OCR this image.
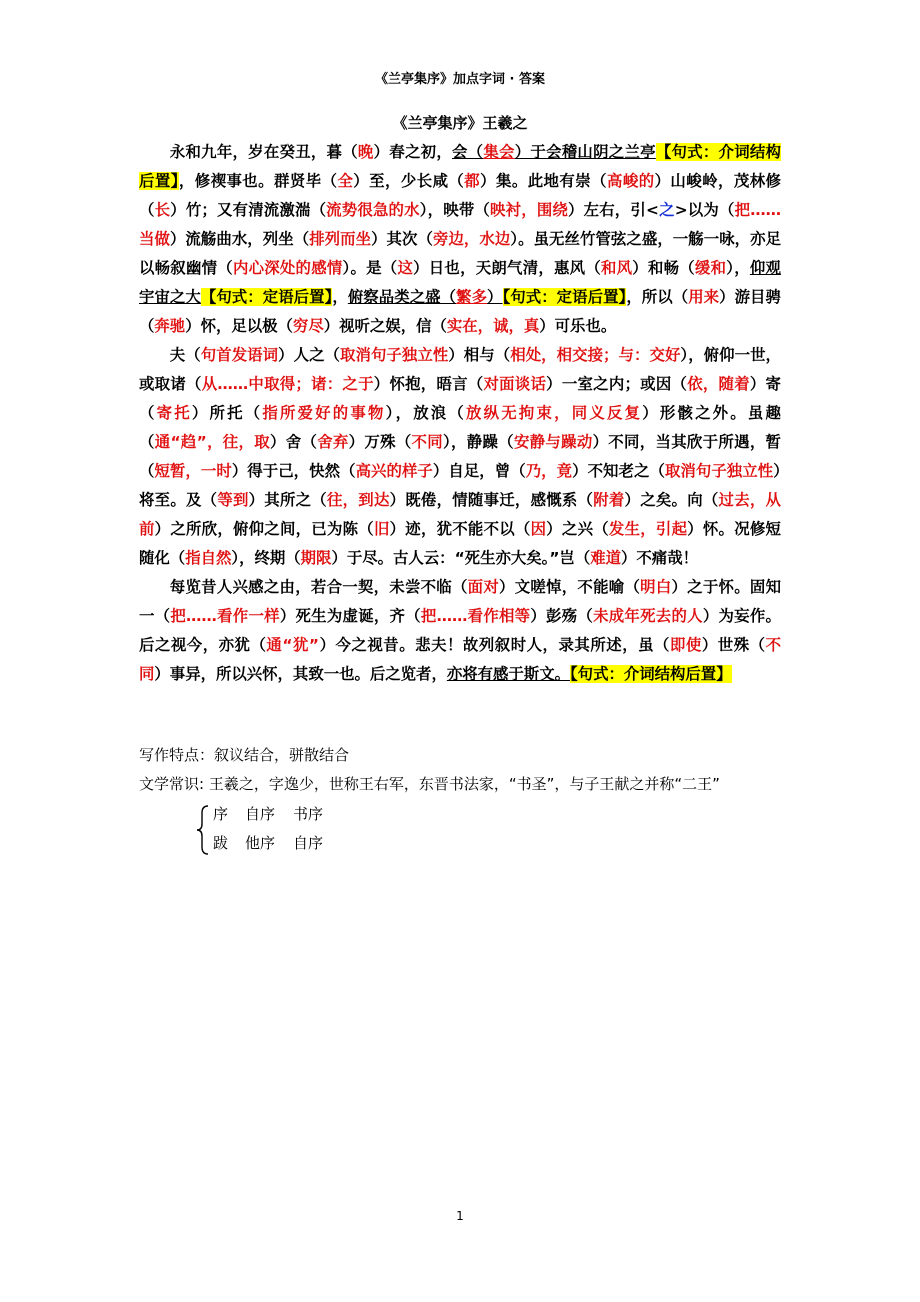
《兰亭集序》加点字词 · 答案
《兰亭集序》王羲之

永和九年，岁在癸丑，暮（晚）春之初，会（集会）于会稽山阴之兰亭【句式：介词结构后置】，修禊事也。群贤毕（全）至，少长咸（都）集。此地有崇（高峻的）山峻岭，茂林修（长）竹；又有清流激湍（流势很急的水），映带（映衬，围绕）左右，引<之>以为（把……当做）流觞曲水，列坐（排列而坐）其次（旁边，水边）。虽无丝竹管弦之盛，一觞一咏，亦足以畅叙幽情（内心深处的感情）。是（这）日也，天朗气清，惠风（和风）和畅（缓和），仰观宇宙之大【句式：定语后置】，俯察品类之盛（繁多）【句式：定语后置】，所以（用来）游目骋（奔驰）怀，足以极（穷尽）视听之娱，信（实在，诚，真）可乐也。

夫（句首发语词）人之（取消句子独立性）相与（相处，相交接；与：交好），俯仰一世，或取诸（从……中取得；诸：之于）怀抱，晤言（对面谈话）一室之内；或因（依，随着）寄（寄托）所托（指所爱好的事物），放浪（放纵无拘束，同义反复）形骸之外。虽趣（通“趋”，往，取）舍（舍弃）万殊（不同），静躁（安静与躁动）不同，当其欣于所遇，暂（短暂，一时）得于己，快然（高兴的样子）自足，曾（乃，竟）不知老之（取消句子独立性）将至。及（等到）其所之（往，到达）既倦，情随事迁，感慨系（附着）之矣。向（过去，从前）之所欣，俯仰之间，已为陈（旧）迹，犹不能不以（因）之兴（发生，引起）怀。况修短随化（指自然），终期（期限）于尽。古人云：“死生亦大矣。”岂（难道）不痛哉！

每览昔人兴感之由，若合一契，未尝不临（面对）文嗟悼，不能喻（明白）之于怀。固知一（把……看作一样）死生为虚诞，齐（把……看作相等）彭殇（未成年死去的人）为妄作。后之视今，亦犹（通“犹”）今之视昔。悲夫！故列叙时人，录其所述，虽（即使）世殊（不同）事异，所以兴怀，其致一也。后之览者，亦将有感于斯文。【句式：介词结构后置】

写作特点：叙议结合，骈散结合
文学常识: 王羲之，字逸少，世称王右军，东晋书法家，“书圣”，与子王献之并称“二王”
序 自序 书序
跋 他序 自序
1
